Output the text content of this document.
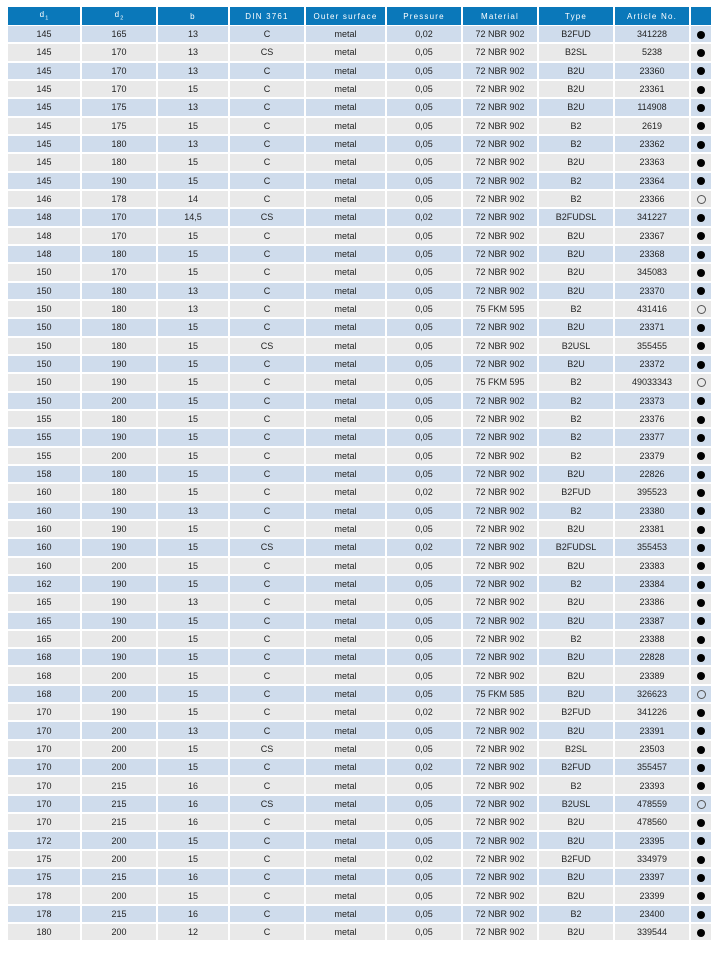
$d_1$	$d_2$	b	DIN 3761	Outer surface	Pressure	Material	Type	Article No.	
145	165	13	C	metal	0,02	72 NBR 902	B2FUD	341228	
145	170	13	CS	metal	0,05	72 NBR 902	B2SL	5238	
145	170	13	C	metal	0,05	72 NBR 902	B2U	23360	
145	170	15	C	metal	0,05	72 NBR 902	B2U	23361	
145	175	13	C	metal	0,05	72 NBR 902	B2U	114908	
145	175	15	C	metal	0,05	72 NBR 902	B2	2619	
145	180	13	C	metal	0,05	72 NBR 902	B2	23362	
145	180	15	C	metal	0,05	72 NBR 902	B2U	23363	
145	190	15	C	metal	0,05	72 NBR 902	B2	23364	
146	178	14	C	metal	0,05	72 NBR 902	B2	23366	
148	170	14,5	CS	metal	0,02	72 NBR 902	B2FUDSL	341227	
148	170	15	C	metal	0,05	72 NBR 902	B2U	23367	
148	180	15	C	metal	0,05	72 NBR 902	B2U	23368	
150	170	15	C	metal	0,05	72 NBR 902	B2U	345083	
150	180	13	C	metal	0,05	72 NBR 902	B2U	23370	
150	180	13	C	metal	0,05	75 FKM 595	B2	431416	
150	180	15	C	metal	0,05	72 NBR 902	B2U	23371	
150	180	15	CS	metal	0,05	72 NBR 902	B2USL	355455	
150	190	15	C	metal	0,05	72 NBR 902	B2U	23372	
150	190	15	C	metal	0,05	75 FKM 595	B2	49033343	
150	200	15	C	metal	0,05	72 NBR 902	B2	23373	
155	180	15	C	metal	0,05	72 NBR 902	B2	23376	
155	190	15	C	metal	0,05	72 NBR 902	B2	23377	
155	200	15	C	metal	0,05	72 NBR 902	B2	23379	
158	180	15	C	metal	0,05	72 NBR 902	B2U	22826	
160	180	15	C	metal	0,02	72 NBR 902	B2FUD	395523	
160	190	13	C	metal	0,05	72 NBR 902	B2	23380	
160	190	15	C	metal	0,05	72 NBR 902	B2U	23381	
160	190	15	CS	metal	0,02	72 NBR 902	B2FUDSL	355453	
160	200	15	C	metal	0,05	72 NBR 902	B2U	23383	
162	190	15	C	metal	0,05	72 NBR 902	B2	23384	
165	190	13	C	metal	0,05	72 NBR 902	B2U	23386	
165	190	15	C	metal	0,05	72 NBR 902	B2U	23387	
165	200	15	C	metal	0,05	72 NBR 902	B2	23388	
168	190	15	C	metal	0,05	72 NBR 902	B2U	22828	
168	200	15	C	metal	0,05	72 NBR 902	B2U	23389	
168	200	15	C	metal	0,05	75 FKM 585	B2U	326623	
170	190	15	C	metal	0,02	72 NBR 902	B2FUD	341226	
170	200	13	C	metal	0,05	72 NBR 902	B2U	23391	
170	200	15	CS	metal	0,05	72 NBR 902	B2SL	23503	
170	200	15	C	metal	0,02	72 NBR 902	B2FUD	355457	
170	215	16	C	metal	0,05	72 NBR 902	B2	23393	
170	215	16	CS	metal	0,05	72 NBR 902	B2USL	478559	
170	215	16	C	metal	0,05	72 NBR 902	B2U	478560	
172	200	15	C	metal	0,05	72 NBR 902	B2U	23395	
175	200	15	C	metal	0,02	72 NBR 902	B2FUD	334979	
175	215	16	C	metal	0,05	72 NBR 902	B2U	23397	
178	200	15	C	metal	0,05	72 NBR 902	B2U	23399	
178	215	16	C	metal	0,05	72 NBR 902	B2	23400	
180	200	12	C	metal	0,05	72 NBR 902	B2U	339544	
